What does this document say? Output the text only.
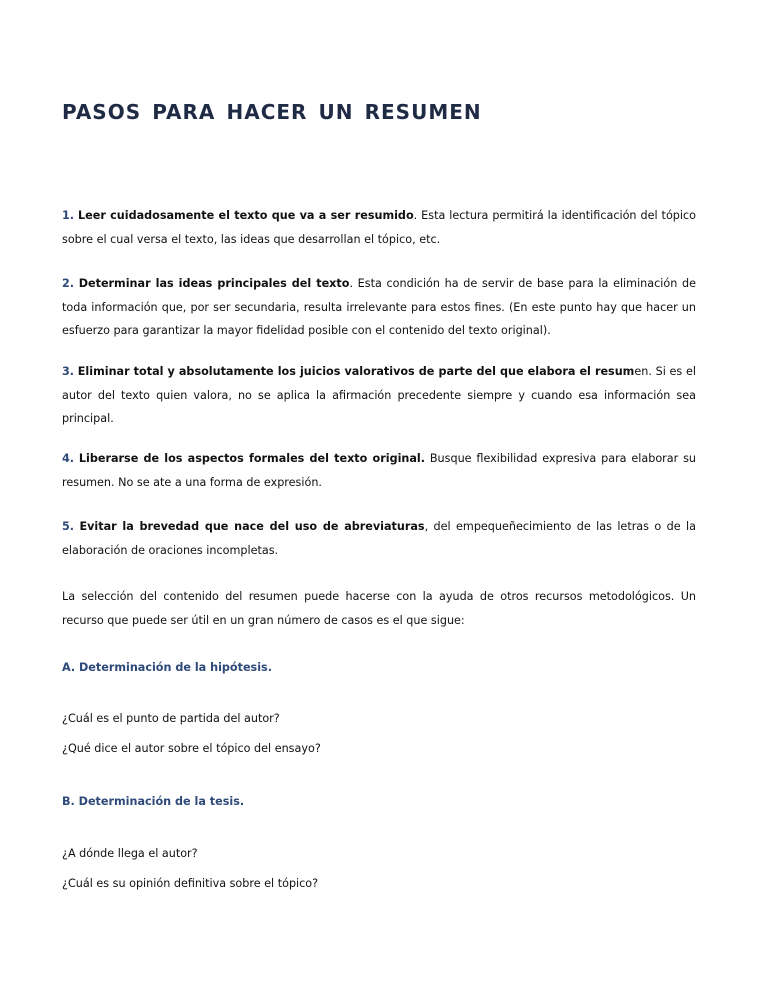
pasos para hacer un resumen

1. Leer cuidadosamente el texto que va a ser resumido. Esta lectura permitirá la identificación del tópico sobre el cual versa el texto, las ideas que desarrollan el tópico, etc.

2. Determinar las ideas principales del texto. Esta condición ha de servir de base para la eliminación de toda información que, por ser secundaria, resulta irrelevante para estos fines. (En este punto hay que hacer un esfuerzo para garantizar la mayor fidelidad posible con el contenido del texto original).

3. Eliminar total y absolutamente los juicios valorativos de parte del que elabora el resumen. Si es el autor del texto quien valora, no se aplica la afirmación precedente siempre y cuando esa información sea principal.

4. Liberarse de los aspectos formales del texto original. Busque flexibilidad expresiva para elaborar su resumen. No se ate a una forma de expresión.

5. Evitar la brevedad que nace del uso de abreviaturas, del empequeñecimiento de las letras o de la elaboración de oraciones incompletas.

La selección del contenido del resumen puede hacerse con la ayuda de otros recursos metodológicos. Un recurso que puede ser útil en un gran número de casos es el que sigue:

A. Determinación de la hipótesis.

¿Cuál es el punto de partida del autor?

¿Qué dice el autor sobre el tópico del ensayo?

B. Determinación de la tesis.

¿A dónde llega el autor?

¿Cuál es su opinión definitiva sobre el tópico?
